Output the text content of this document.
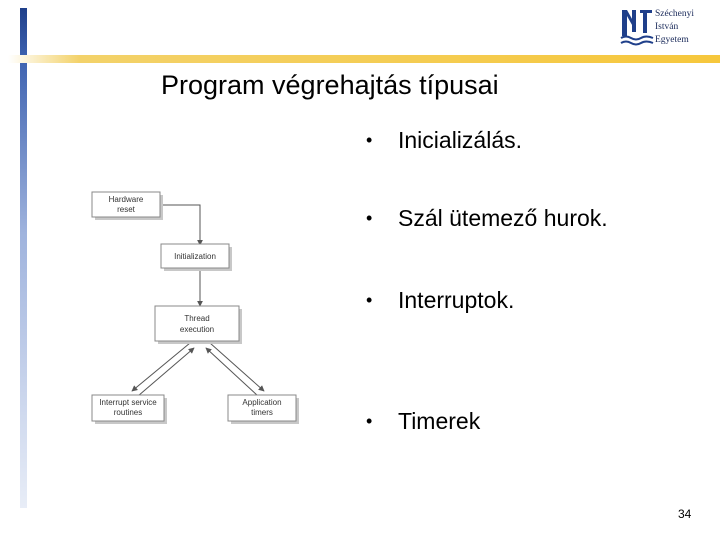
Széchenyi
István
Egyetem
Program végrehajtás típusai
• Inicializálás.
• Szál ütemező hurok.
• Interruptok.
• Timerek
Hardware
reset
Initialization
Thread
execution
Interrupt service
routines
Application
timers
34
